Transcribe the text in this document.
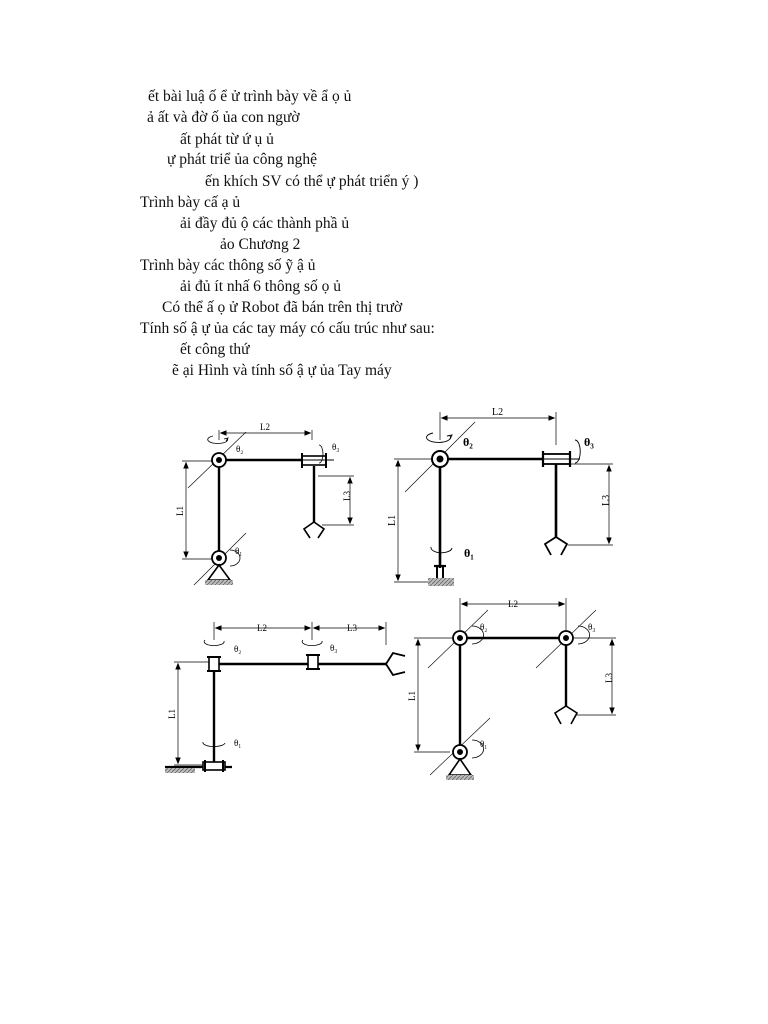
ết bài luậ ố ể ử trình bày về ẩ ọ ủ
ả ất và đờ ố ủa con ngườ
ất phát từ ứ ụ ủ
ự phát triể ủa công nghệ
ến khích SV có thể ự phát triển ý )
Trình bày cấ ạ ủ
ải đầy đủ ộ các thành phầ ủ
ảo Chương 2
Trình bày các thông số ỹ ậ ủ
ải đủ ít nhấ 6 thông số ọ ủ
Có thể ấ ọ ử Robot đã bán trên thị trườ
Tính số ậ ự ủa các tay máy có cấu trúc như sau:
ết công thứ
ẽ ại Hình và tính số ậ ự ủa Tay máy
L2
θ₂	θ₃
L1
L3
θ₁
L2
θ₂	θ₃
L1
L3
θ₁
L2	L3
θ₂	θ₃
L1
θ₁
L2
θ₂	θ₃
L1
L3
θ₁
